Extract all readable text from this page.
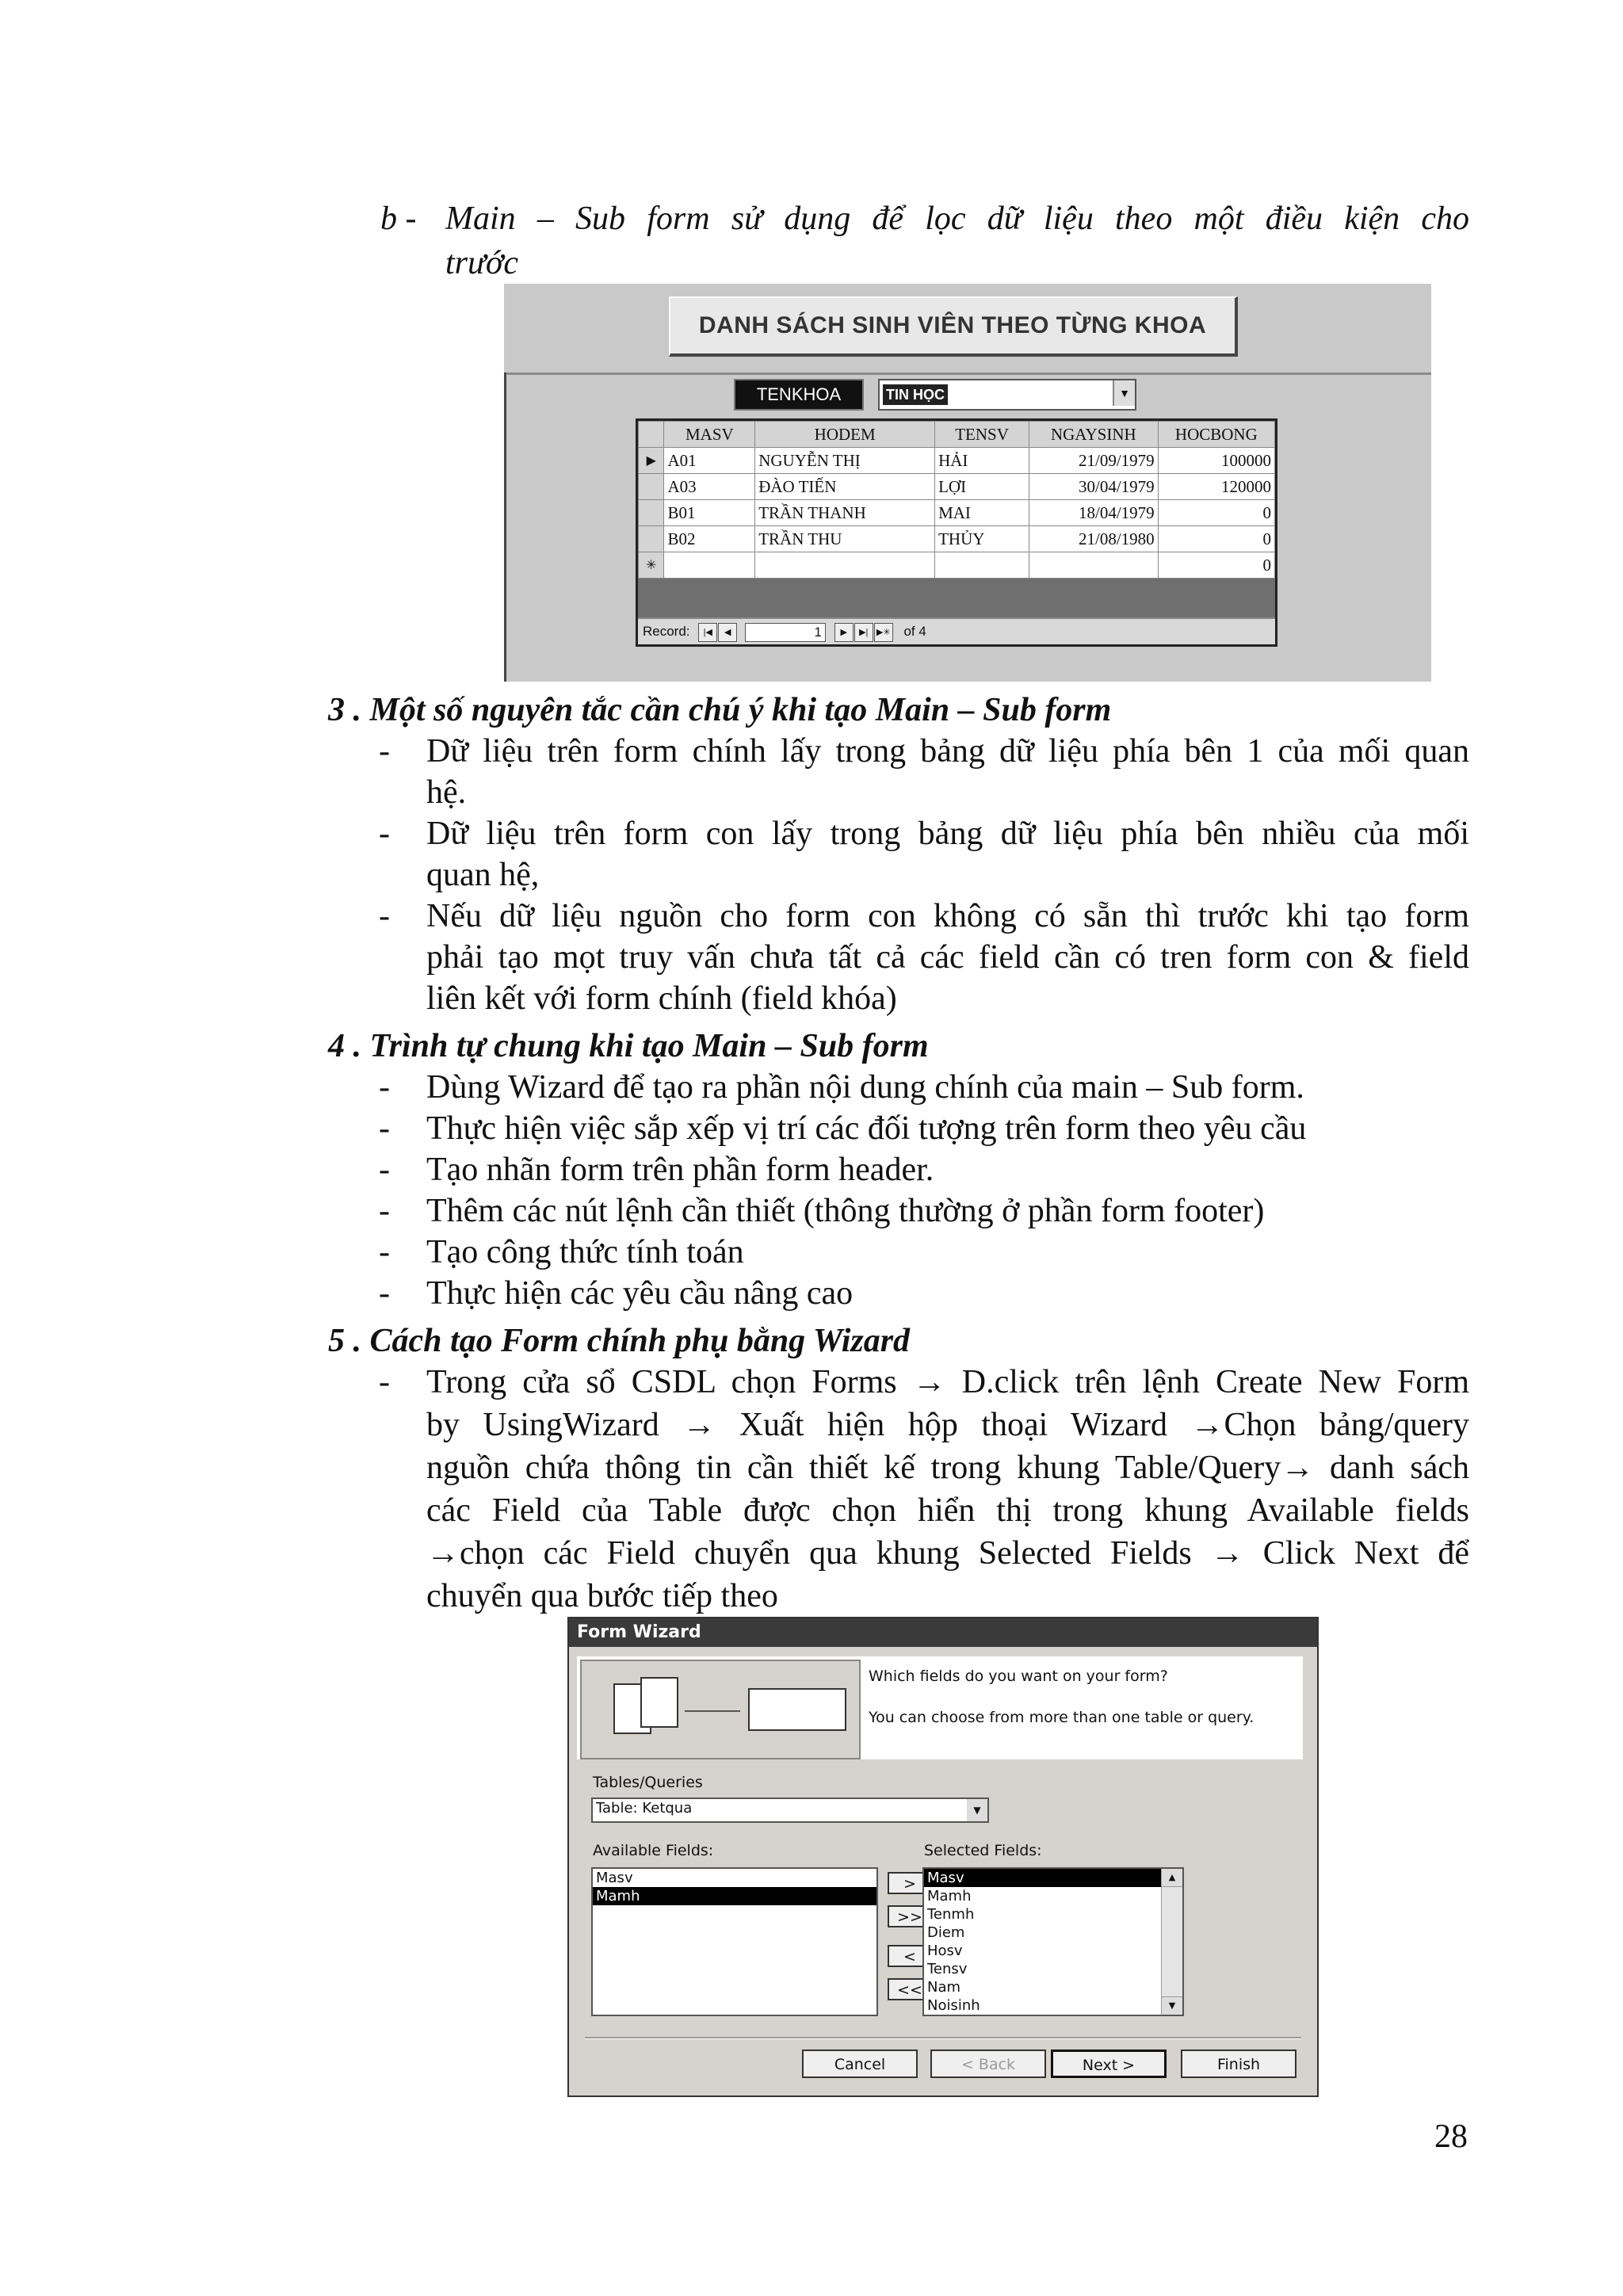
b - Main – Sub form sử dụng để lọc dữ liệu theo một điều kiện cho
trước
DANH SÁCH SINH VIÊN THEO TỪNG KHOA
TENKHOA	TIN HỌC	▼
	MASV	HODEM	TENSV	NGAYSINH	HOCBONG
▶	A01	NGUYỄN THỊ	HẢI	21/09/1979	100000
	A03	ĐÀO TIẾN	LỢI	30/04/1979	120000
	B01	TRẦN THANH	MAI	18/04/1979	0
	B02	TRẦN THU	THỦY	21/08/1980	0
✳					0
Record: |◀ ◀	1 ▶ ▶| ▶✳ of 4
3 . Một số nguyên tắc cần chú ý khi tạo Main – Sub form
- Dữ liệu trên form chính lấy trong bảng dữ liệu phía bên 1 của mối quan
hệ.
- Dữ liệu trên form con lấy trong bảng dữ liệu phía bên nhiều của mối
quan hệ,
- Nếu dữ liệu nguồn cho form con không có sẵn thì trước khi tạo form
phải tạo mọt truy vấn chưa tất cả các field cần có tren form con & field
liên kết với form chính (field khóa)
4 . Trình tự chung khi tạo Main – Sub form
- Dùng Wizard để tạo ra phần nội dung chính của main – Sub form.
- Thực hiện việc sắp xếp vị trí các đối tượng trên form theo yêu cầu
- Tạo nhãn form trên phần form header.
- Thêm các nút lệnh cần thiết (thông thường ở phần form footer)
- Tạo công thức tính toán
- Thực hiện các yêu cầu nâng cao
5 . Cách tạo Form chính phụ bằng Wizard
- Trong cửa sổ CSDL chọn Forms → D.click trên lệnh Create New Form
by UsingWizard → Xuất hiện hộp thoại Wizard →Chọn bảng/query
nguồn chứa thông tin cần thiết kế trong khung Table/Query→ danh sách
các Field của Table được chọn hiển thị trong khung Available fields
→chọn các Field chuyển qua khung Selected Fields → Click Next để
chuyển qua bước tiếp theo
Form Wizard
Which fields do you want on your form?
You can choose from more than one table or query.
Tables/Queries
Table: Ketqua	▼
Available Fields:
Masv
Mamh
>
>>
<
<<
Selected Fields:
Masv
Mamh
Tenmh
Diem
Hosv
Tensv
Nam
Noisinh
▲
▼
Cancel	< Back	Next >	Finish
28
